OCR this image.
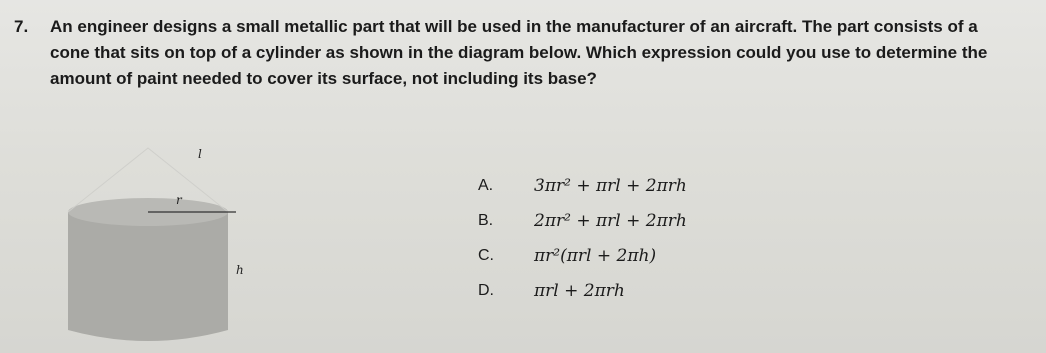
7. An engineer designs a small metallic part that will be used in the manufacturer of an aircraft. The part consists of a
cone that sits on top of a cylinder as shown in the diagram below. Which expression could you use to determine the
amount of paint needed to cover its surface, not including its base?
l
r
h
A.	3πr² + πrl + 2πrh
B.	2πr² + πrl + 2πrh
C.	πr²(πrl + 2πh)
D.	πrl + 2πrh
